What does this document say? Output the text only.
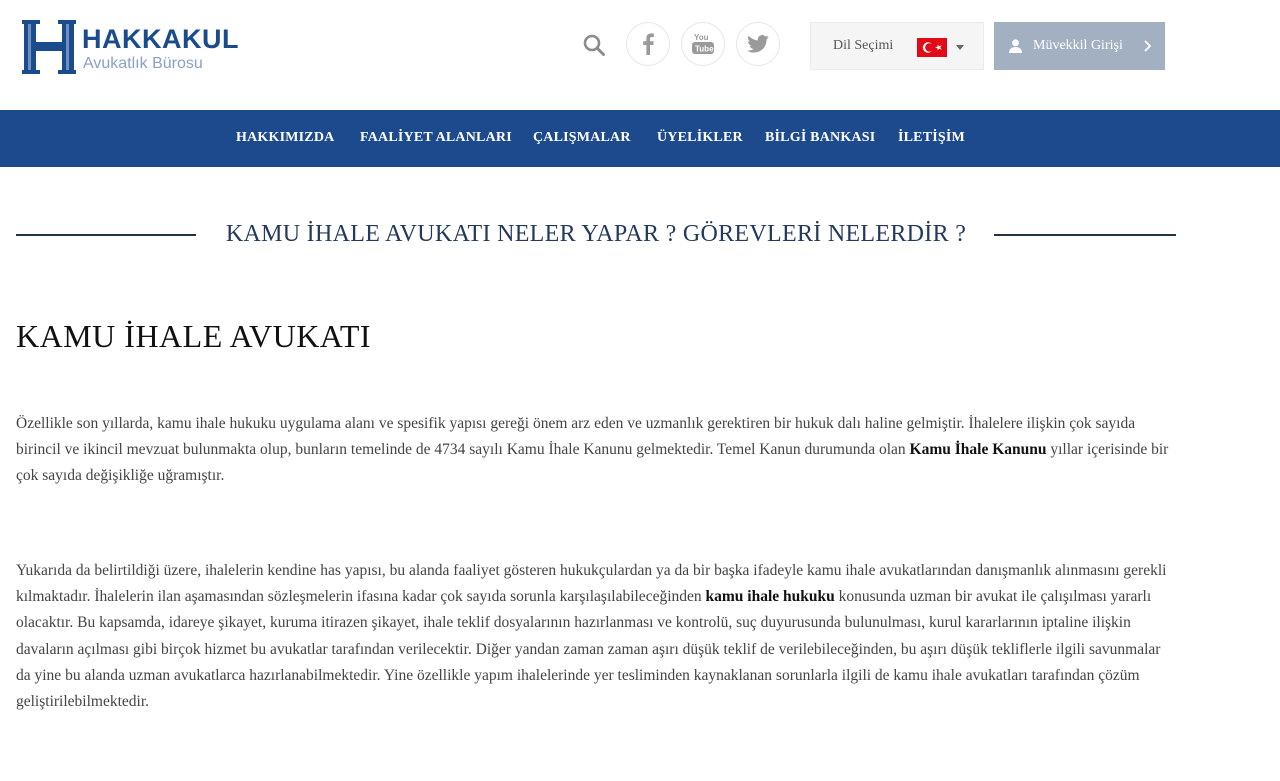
HAKKAKUL
Avukatlık Bürosu
You
Tube	Dil Seçimi	Müvekkil Girişi
HAKKIMIZDA FAALİYET ALANLARI ÇALIŞMALAR ÜYELİKLER BİLGİ BANKASI İLETİŞİM
KAMU İHALE AVUKATI NELER YAPAR ? GÖREVLERİ NELERDİR ?
KAMU İHALE AVUKATI

Özellikle son yıllarda, kamu ihale hukuku uygulama alanı ve spesifik yapısı gereği önem arz eden ve uzmanlık gerektiren bir hukuk dalı haline gelmiştir. İhalelere ilişkin çok sayıda birincil ve ikincil mevzuat bulunmakta olup, bunların temelinde de 4734 sayılı Kamu İhale Kanunu gelmektedir. Temel Kanun durumunda olan Kamu İhale Kanunu yıllar içerisinde bir çok sayıda değişikliğe uğramıştır.

Yukarıda da belirtildiği üzere, ihalelerin kendine has yapısı, bu alanda faaliyet gösteren hukukçulardan ya da bir başka ifadeyle kamu ihale avukatlarından danışmanlık alınmasını gerekli kılmaktadır. İhalelerin ilan aşamasından sözleşmelerin ifasına kadar çok sayıda sorunla karşılaşılabileceğinden kamu ihale hukuku konusunda uzman bir avukat ile çalışılması yararlı olacaktır. Bu kapsamda, idareye şikayet, kuruma itirazen şikayet, ihale teklif dosyalarının hazırlanması ve kontrolü, suç duyurusunda bulunulması, kurul kararlarının iptaline ilişkin davaların açılması gibi birçok hizmet bu avukatlar tarafından verilecektir. Diğer yandan zaman zaman aşırı düşük teklif de verilebileceğinden, bu aşırı düşük tekliflerle ilgili savunmalar da yine bu alanda uzman avukatlarca hazırlanabilmektedir. Yine özellikle yapım ihalelerinde yer tesliminden kaynaklanan sorunlarla ilgili de kamu ihale avukatları tarafından çözüm geliştirilebilmektedir.
